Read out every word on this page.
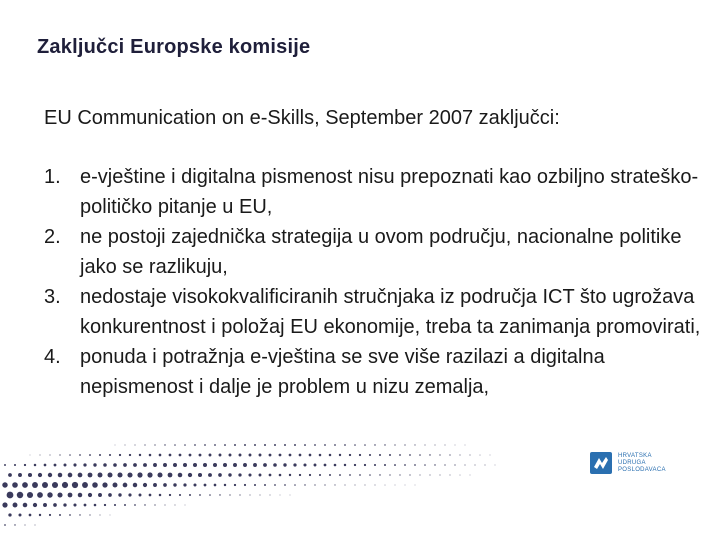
Zaključci Europske komisije
EU Communication on e-Skills, September 2007 zaključci:
1. e-vještine i digitalna pismenost nisu prepoznati kao ozbiljno strateško-političko pitanje u EU,
2. ne postoji zajednička strategija u ovom području, nacionalne politike jako se razlikuju,
3. nedostaje visokokvalificiranih stručnjaka iz područja ICT što ugrožava konkurentnost i položaj EU ekonomije, treba ta zanimanja promovirati,
4. ponuda i potražnja e-vještina se sve više razilazi a digitalna nepismenost i dalje je problem u nizu zemalja,
HRVATSKA
UDRUGA
POSLODAVACA
